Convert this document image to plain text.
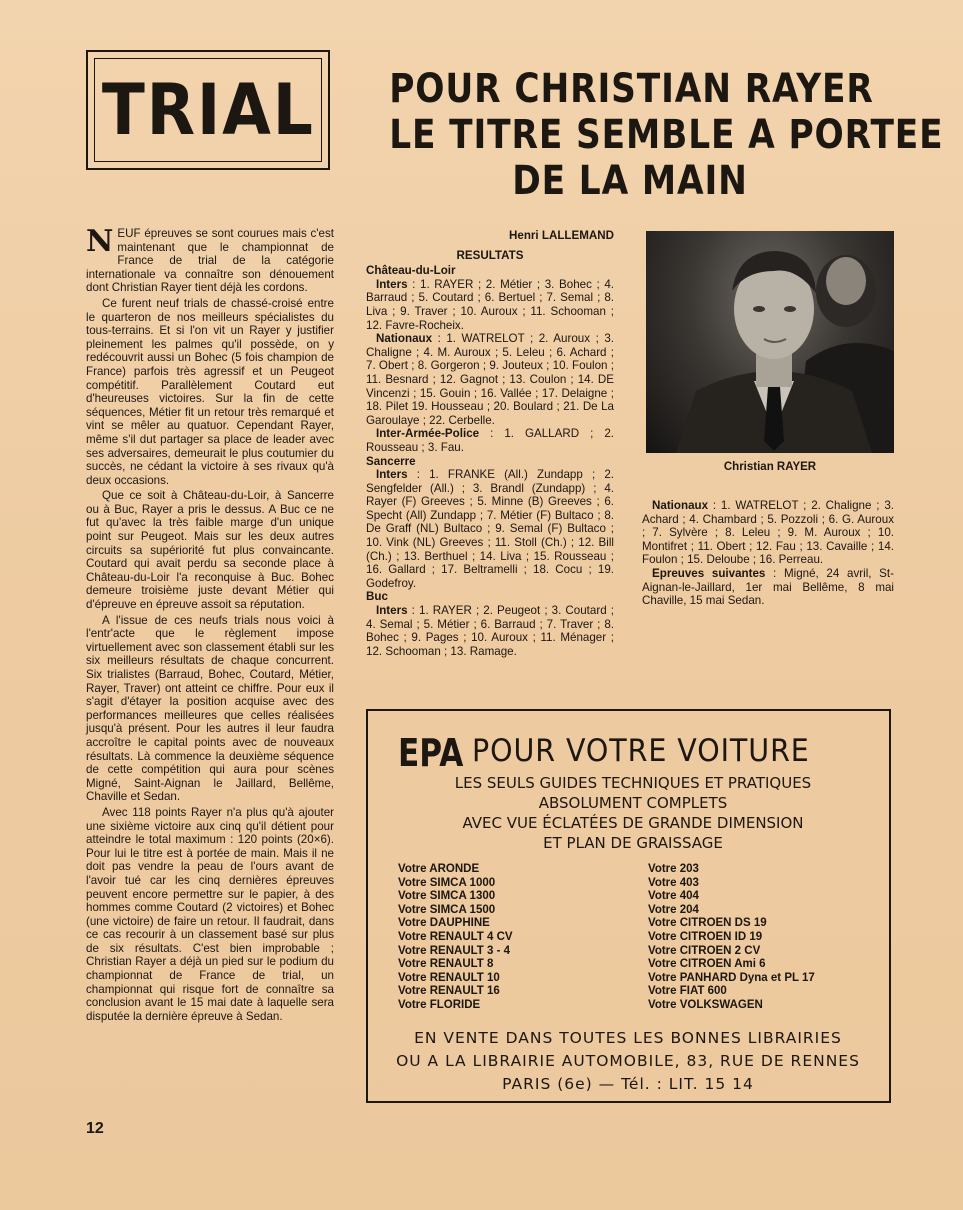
TRIAL POUR CHRISTIAN RAYER
LE TITRE SEMBLE A PORTEE
DE LA MAIN

NEUF épreuves se sont courues mais c'est maintenant que le championnat de France de trial de la catégorie internationale va connaître son dénouement dont Christian Rayer tient déjà les cordons.

Ce furent neuf trials de chassé-croisé entre le quarteron de nos meilleurs spécialistes du tous-terrains. Et si l'on vit un Rayer y justifier pleinement les palmes qu'il possède, on y redécouvrit aussi un Bohec (5 fois champion de France) parfois très agressif et un Peugeot compétitif. Parallèlement Coutard eut d'heureuses victoires. Sur la fin de cette séquences, Métier fit un retour très remarqué et vint se mêler au quatuor. Cependant Rayer, même s'il dut partager sa place de leader avec ses adversaires, demeurait le plus coutumier du succès, ne cédant la victoire à ses rivaux qu'à deux occasions.

Que ce soit à Château-du-Loir, à Sancerre ou à Buc, Rayer a pris le dessus. A Buc ce ne fut qu'avec la très faible marge d'un unique point sur Peugeot. Mais sur les deux autres circuits sa supériorité fut plus convaincante. Coutard qui avait perdu sa seconde place à Château-du-Loir l'a reconquise à Buc. Bohec demeure troisième juste devant Métier qui d'épreuve en épreuve assoit sa réputation.

A l'issue de ces neufs trials nous voici à l'entr'acte que le règlement impose virtuellement avec son classement établi sur les six meilleurs résultats de chaque concurrent. Six trialistes (Barraud, Bohec, Coutard, Métier, Rayer, Traver) ont atteint ce chiffre. Pour eux il s'agit d'étayer la position acquise avec des performances meilleures que celles réalisées jusqu'à présent. Pour les autres il leur faudra accroître le capital points avec de nouveaux résultats. Là commence la deuxième séquence de cette compétition qui aura pour scènes Migné, Saint-Aignan le Jaillard, Bellême, Chaville et Sedan.

Avec 118 points Rayer n'a plus qu'à ajouter une sixième victoire aux cinq qu'il détient pour atteindre le total maximum : 120 points (20×6). Pour lui le titre est à portée de main. Mais il ne doit pas vendre la peau de l'ours avant de l'avoir tué car les cinq dernières épreuves peuvent encore permettre sur le papier, à des hommes comme Coutard (2 victoires) et Bohec (une victoire) de faire un retour. Il faudrait, dans ce cas recourir à un classement basé sur plus de six résultats. C'est bien improbable ; Christian Rayer a déjà un pied sur le podium du championnat de France de trial, un championnat qui risque fort de connaître sa conclusion avant le 15 mai date à laquelle sera disputée la dernière épreuve à Sedan.

Henri LALLEMAND
RESULTATS
Château-du-Loir

Inters : 1. RAYER ; 2. Métier ; 3. Bohec ; 4. Barraud ; 5. Coutard ; 6. Bertuel ; 7. Semal ; 8. Liva ; 9. Traver ; 10. Auroux ; 11. Schooman ; 12. Favre-Rocheix.

Nationaux : 1. WATRELOT ; 2. Auroux ; 3. Chaligne ; 4. M. Auroux ; 5. Leleu ; 6. Achard ; 7. Obert ; 8. Gorgeron ; 9. Jouteux ; 10. Foulon ; 11. Besnard ; 12. Gagnot ; 13. Coulon ; 14. DE Vincenzi ; 15. Gouin ; 16. Vallée ; 17. Delaigne ; 18. Pilet 19. Housseau ; 20. Boulard ; 21. De La Garoulaye ; 22. Cerbelle.

Inter-Armée-Police : 1. GALLARD ; 2. Rousseau ; 3. Fau.

Sancerre

Inters : 1. FRANKE (All.) Zundapp ; 2. Sengfelder (All.) ; 3. Brandl (Zundapp) ; 4. Rayer (F) Greeves ; 5. Minne (B) Greeves ; 6. Specht (All) Zundapp ; 7. Métier (F) Bultaco ; 8. De Graff (NL) Bultaco ; 9. Semal (F) Bultaco ; 10. Vink (NL) Greeves ; 11. Stoll (Ch.) ; 12. Bill (Ch.) ; 13. Berthuel ; 14. Liva ; 15. Rousseau ; 16. Gallard ; 17. Beltramelli ; 18. Cocu ; 19. Godefroy.

Buc

Inters : 1. RAYER ; 2. Peugeot ; 3. Coutard ; 4. Semal ; 5. Métier ; 6. Barraud ; 7. Traver ; 8. Bohec ; 9. Pages ; 10. Auroux ; 11. Ménager ; 12. Schooman ; 13. Ramage.

Christian RAYER

Nationaux : 1. WATRELOT ; 2. Chaligne ; 3. Achard ; 4. Chambard ; 5. Pozzoli ; 6. G. Auroux ; 7. Sylvère ; 8. Leleu ; 9. M. Auroux ; 10. Montifret ; 11. Obert ; 12. Fau ; 13. Cavaille ; 14. Foulon ; 15. Deloube ; 16. Perreau.

Epreuves suivantes : Migné, 24 avril, St-Aignan-le-Jaillard, 1er mai Bellême, 8 mai Chaville, 15 mai Sedan.

EPA POUR VOTRE VOITURE
LES SEULS GUIDES TECHNIQUES ET PRATIQUES
ABSOLUMENT COMPLETS
AVEC VUE ÉCLATÉES DE GRANDE DIMENSION
ET PLAN DE GRAISSAGE
Votre ARONDE
Votre SIMCA 1000
Votre SIMCA 1300
Votre SIMCA 1500
Votre DAUPHINE
Votre RENAULT 4 CV
Votre RENAULT 3 - 4
Votre RENAULT 8
Votre RENAULT 10
Votre RENAULT 16
Votre FLORIDE
Votre 203
Votre 403
Votre 404
Votre 204
Votre CITROEN DS 19
Votre CITROEN ID 19
Votre CITROEN 2 CV
Votre CITROEN Ami 6
Votre PANHARD Dyna et PL 17
Votre FIAT 600
Votre VOLKSWAGEN
EN VENTE DANS TOUTES LES BONNES LIBRAIRIES
OU A LA LIBRAIRIE AUTOMOBILE, 83, RUE DE RENNES
PARIS (6e) — Tél. : LIT. 15 14
12
